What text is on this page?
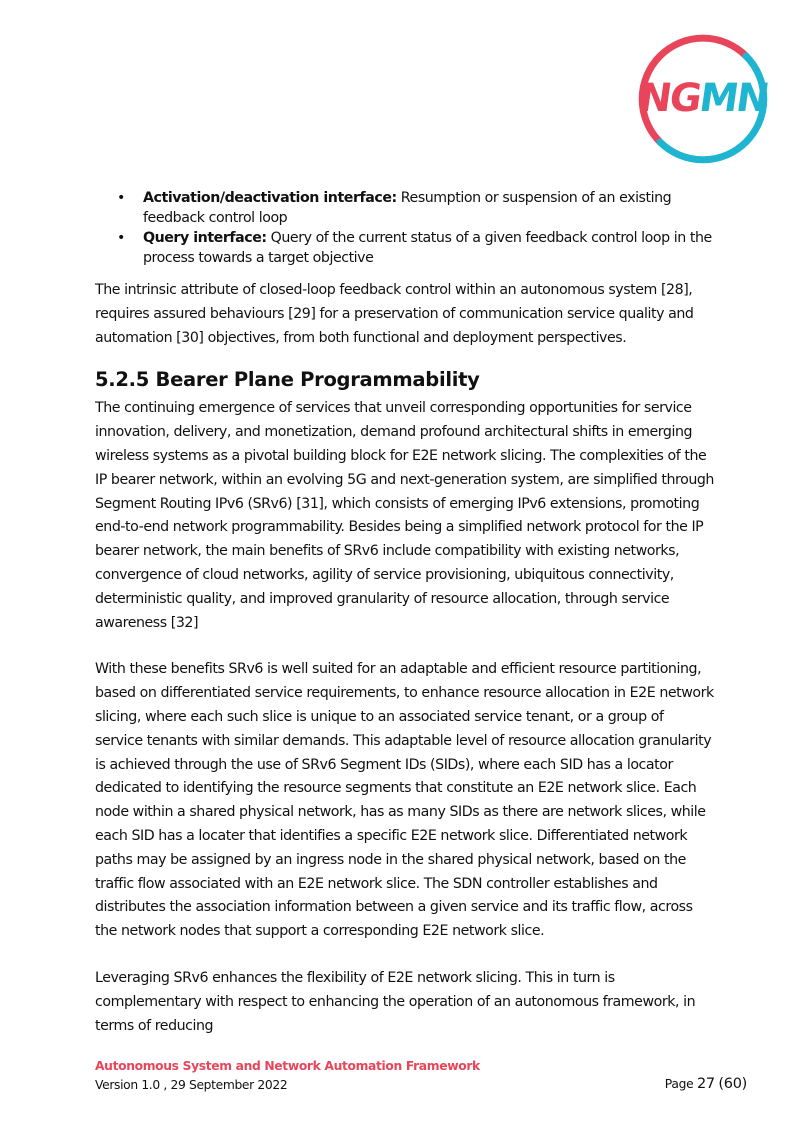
NG
MN
• Activation/deactivation interface: Resumption or suspension of an existing feedback control loop
• Query interface: Query of the current status of a given feedback control loop in the process towards a target objective

The intrinsic attribute of closed-loop feedback control within an autonomous system [28], requires assured behaviours [29] for a preservation of communication service quality and automation [30] objectives, from both functional and deployment perspectives.

5.2.5 Bearer Plane Programmability

The continuing emergence of services that unveil corresponding opportunities for service innovation, delivery, and monetization, demand profound architectural shifts in emerging wireless systems as a pivotal building block for E2E network slicing. The complexities of the IP bearer network, within an evolving 5G and next-generation system, are simplified through Segment Routing IPv6 (SRv6) [31], which consists of emerging IPv6 extensions, promoting end-to-end network programmability. Besides being a simplified network protocol for the IP bearer network, the main benefits of SRv6 include compatibility with existing networks, convergence of cloud networks, agility of service provisioning, ubiquitous connectivity, deterministic quality, and improved granularity of resource allocation, through service awareness [32]

With these benefits SRv6 is well suited for an adaptable and efficient resource partitioning, based on differentiated service requirements, to enhance resource allocation in E2E network slicing, where each such slice is unique to an associated service tenant, or a group of service tenants with similar demands. This adaptable level of resource allocation granularity is achieved through the use of SRv6 Segment IDs (SIDs), where each SID has a locator dedicated to identifying the resource segments that constitute an E2E network slice. Each node within a shared physical network, has as many SIDs as there are network slices, while each SID has a locater that identifies a specific E2E network slice. Differentiated network paths may be assigned by an ingress node in the shared physical network, based on the traffic flow associated with an E2E network slice. The SDN controller establishes and distributes the association information between a given service and its traffic flow, across the network nodes that support a corresponding E2E network slice.

Leveraging SRv6 enhances the flexibility of E2E network slicing. This in turn is complementary with respect to enhancing the operation of an autonomous framework, in terms of reducing

Autonomous System and Network Automation Framework
Version 1.0 , 29 September 2022	Page 27 (60)
